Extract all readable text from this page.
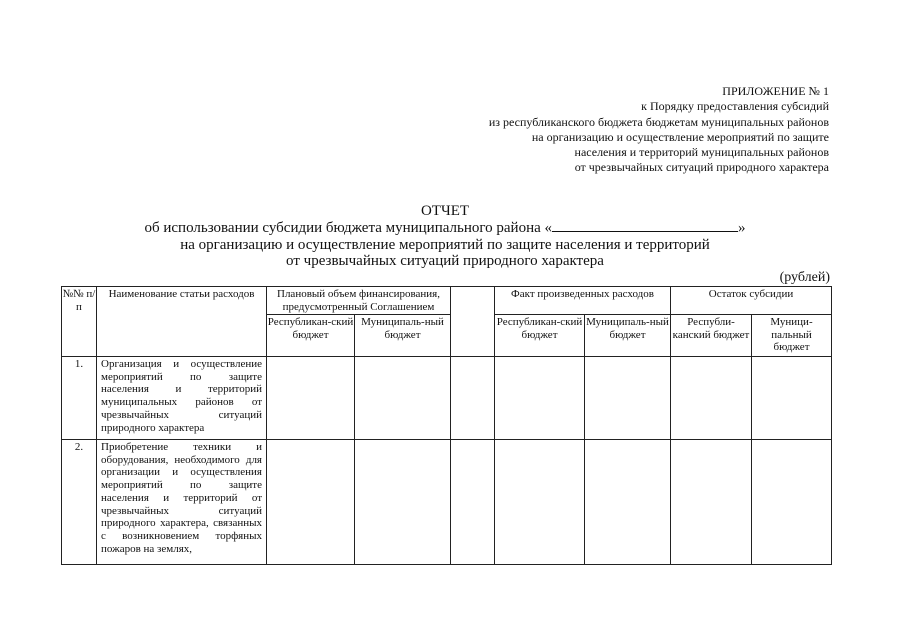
ПРИЛОЖЕНИЕ № 1
к Порядку предоставления субсидий
из республиканского бюджета бюджетам муниципальных районов
на организацию и осуществление мероприятий по защите
населения и территорий муниципальных районов
от чрезвычайных ситуаций природного характера
ОТЧЕТ
об использовании субсидии бюджета муниципального района «	»
на организацию и осуществление мероприятий по защите населения и территорий
от чрезвычайных ситуаций природного характера
(рублей)
№№ п/п	Наименование статьи расходов	Плановый объем финансирования, предусмотренный Соглашением			Факт произведенных расходов		Остаток субсидии	
		Республикан-ский бюджет	Муниципаль-ный бюджет		Республикан-ский бюджет	Муниципаль-ный бюджет	Республи-канский бюджет	Муници-пальный бюджет
1.	Организация и осуществление мероприятий по защите населения и территорий муниципальных районов от чрезвычайных ситуаций природного характера							
2.	Приобретение техники и оборудования, необходимого для организации и осуществления мероприятий по защите населения и территорий от чрезвычайных ситуаций природного характера, связанных с возникновением торфяных пожаров на землях,							
